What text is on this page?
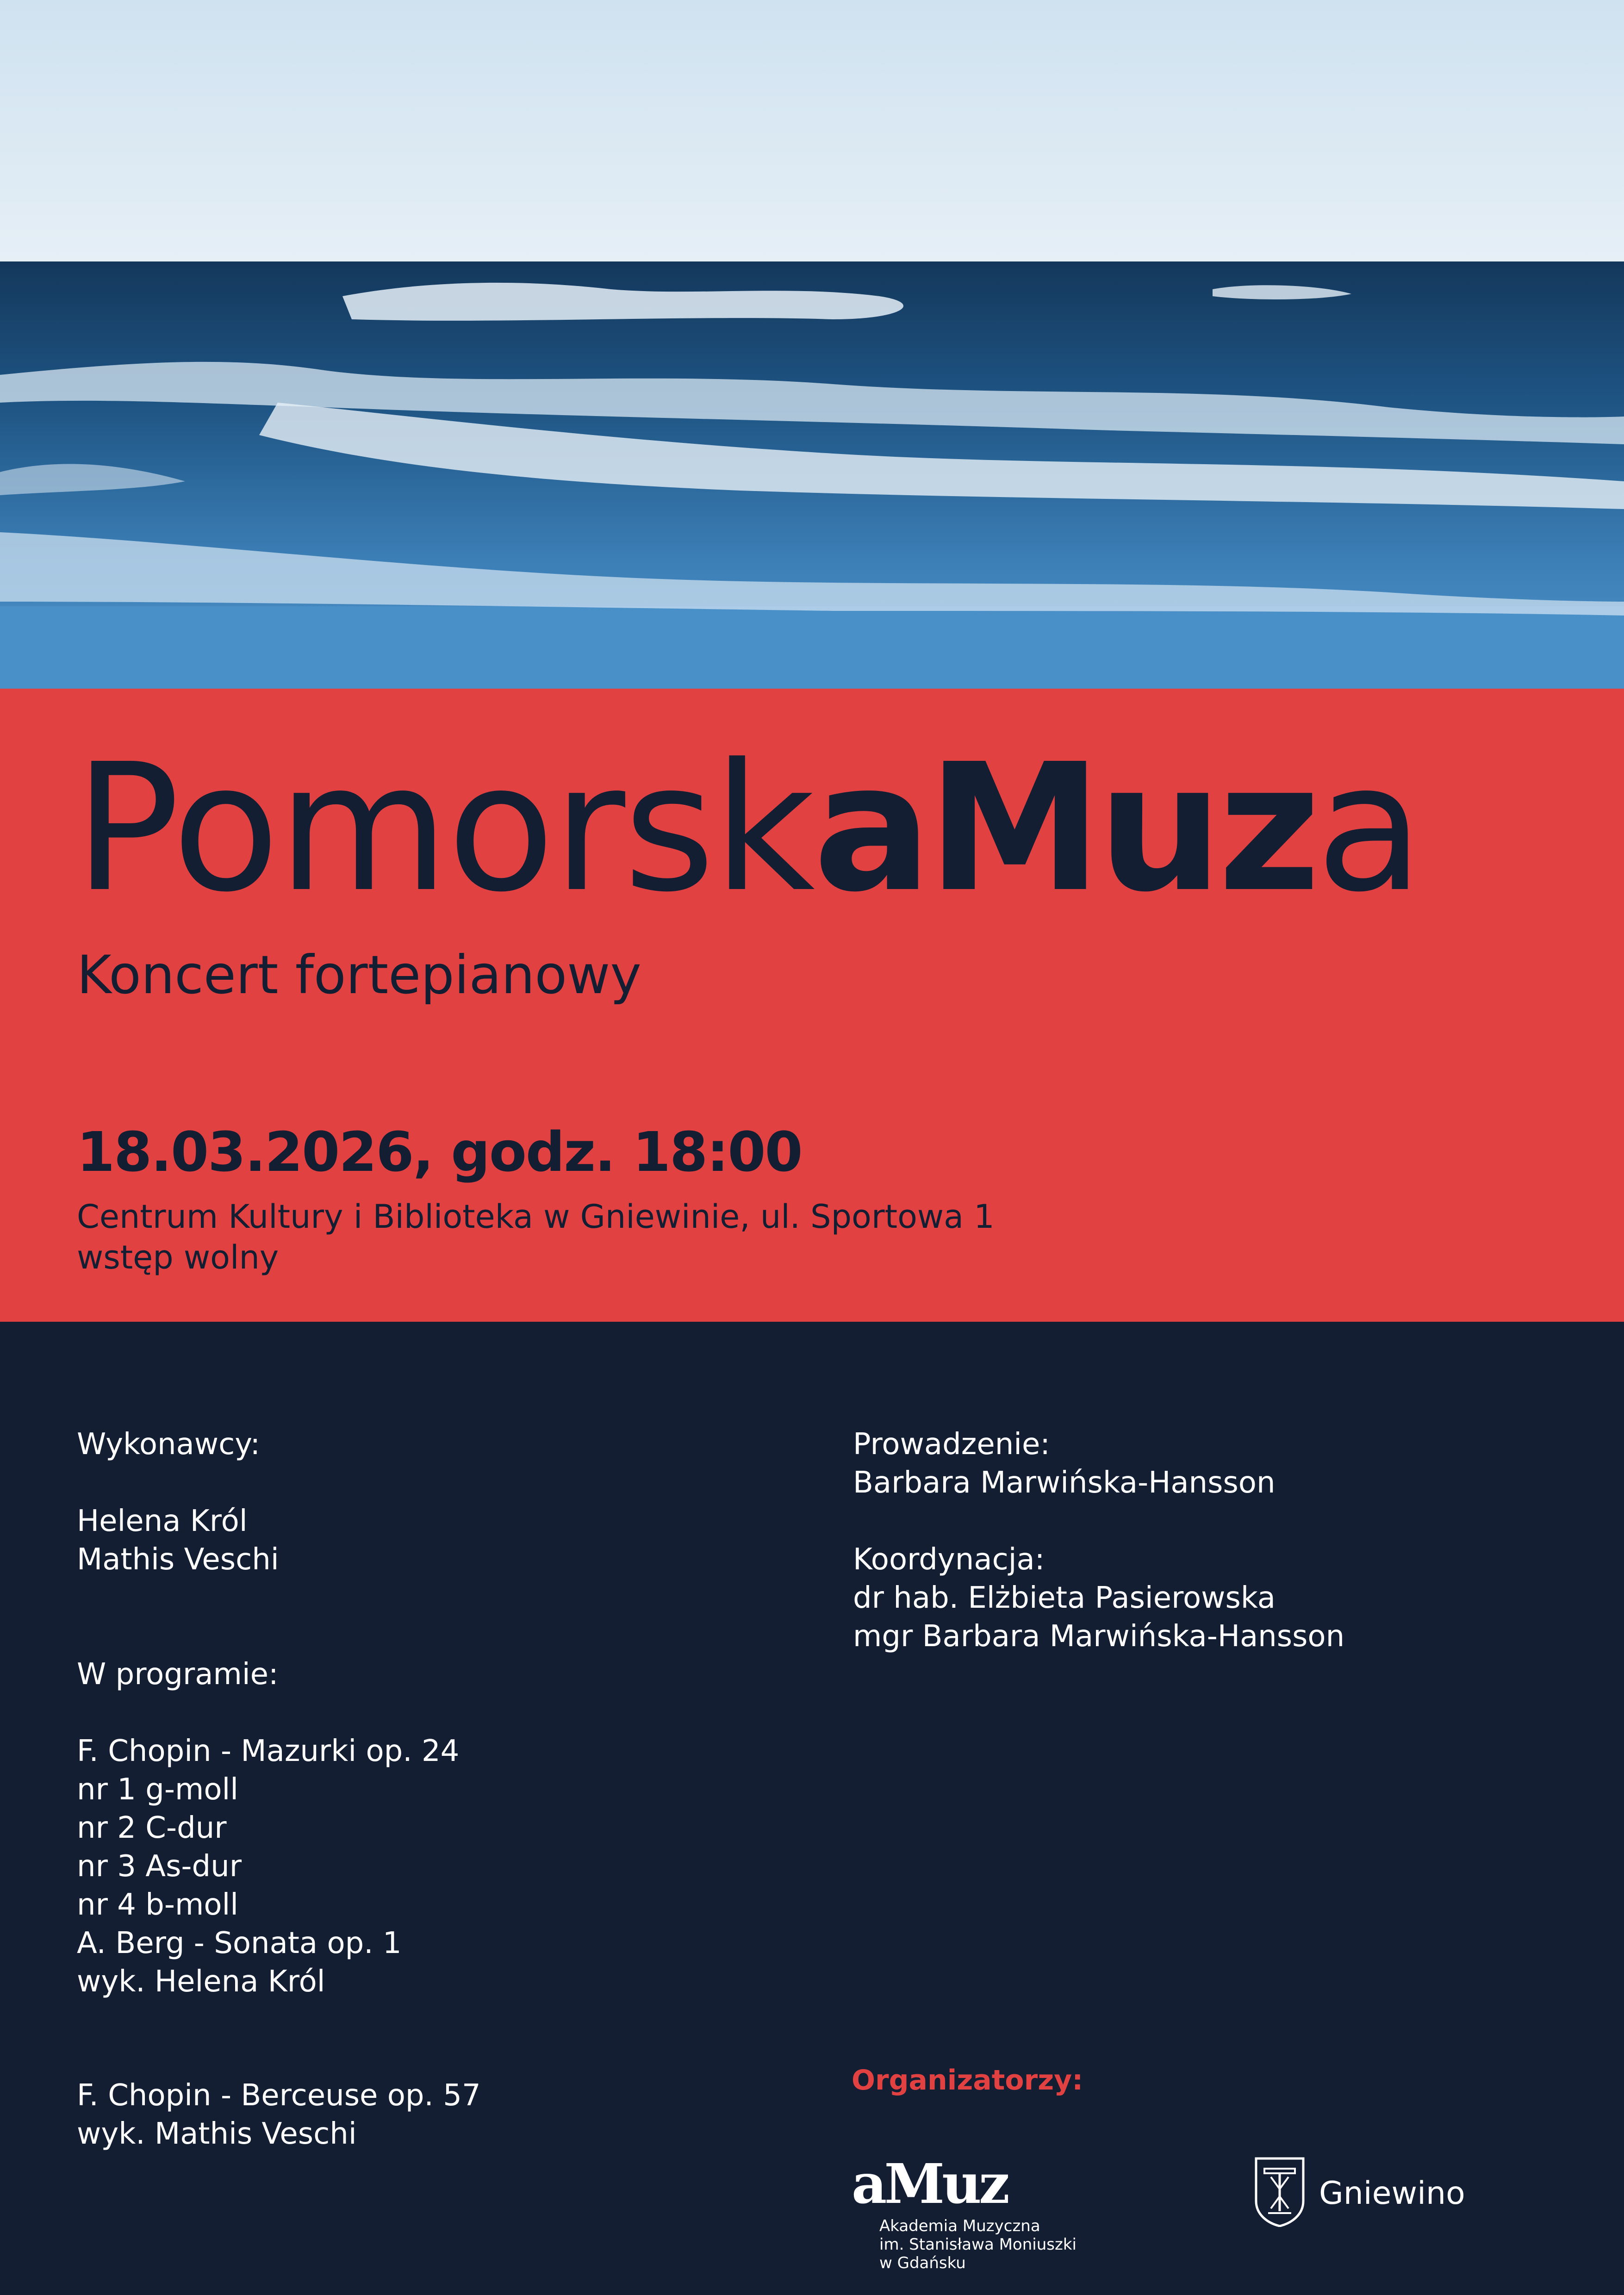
PomorskaMuza
Koncert fortepianowy
18.03.2026, godz. 18:00
Centrum Kultury i Biblioteka w Gniewinie, ul. Sportowa 1
wstęp wolny
Wykonawcy:
Helena Król
Mathis Veschi
W programie:
F. Chopin - Mazurki op. 24
nr 1 g-moll
nr 2 C-dur
nr 3 As-dur
nr 4 b-moll
A. Berg - Sonata op. 1
wyk. Helena Król
F. Chopin - Berceuse op. 57
wyk. Mathis Veschi
Prowadzenie:
Barbara Marwińska-Hansson
Koordynacja:
dr hab. Elżbieta Pasierowska
mgr Barbara Marwińska-Hansson
Organizatorzy:
aMuz
Akademia Muzyczna
im. Stanisława Moniuszki
w Gdańsku
Gniewino
